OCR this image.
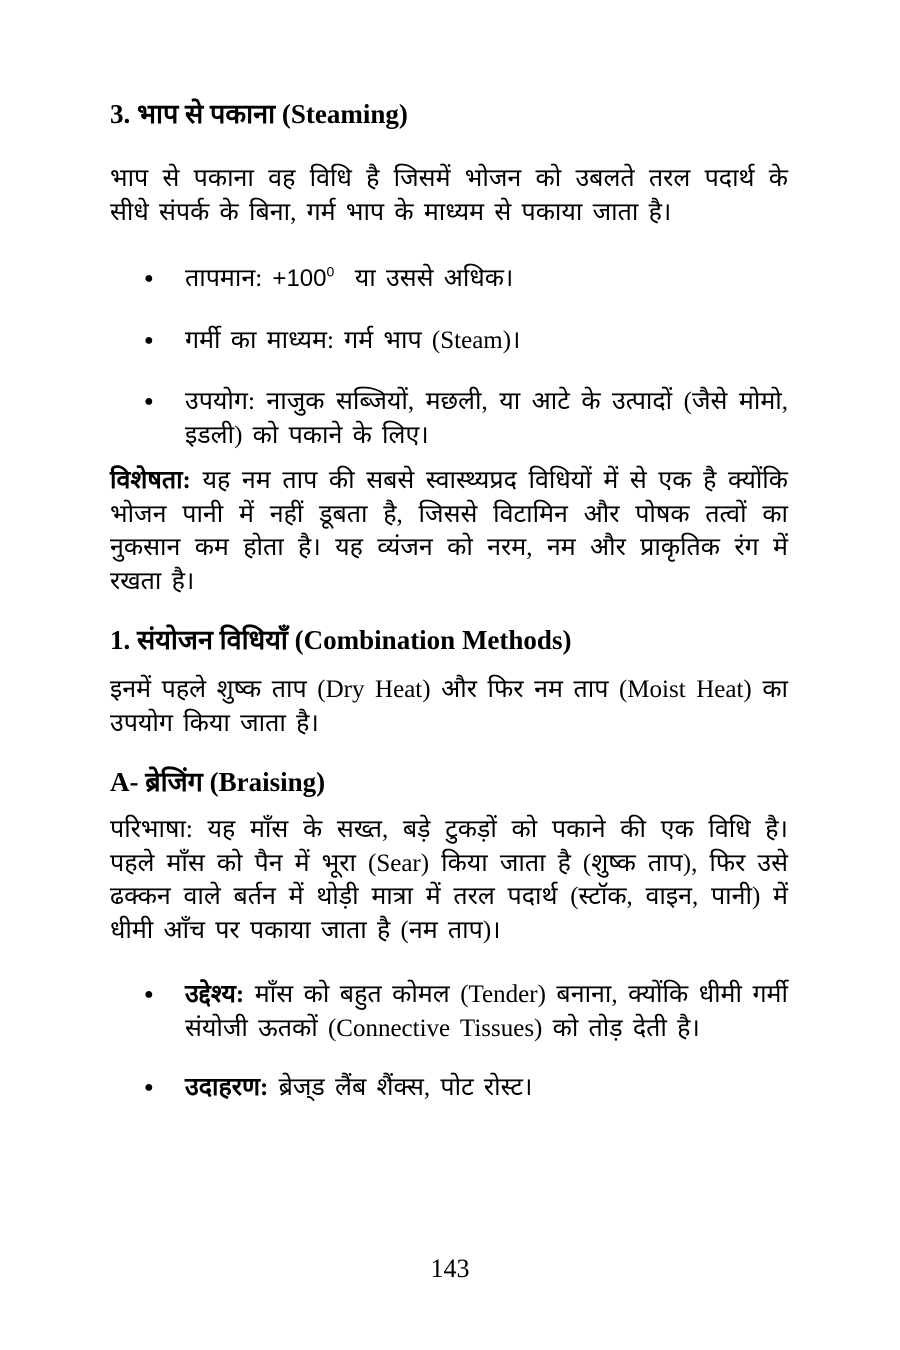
3. भाप से पकाना (Steaming)

भाप से पकाना वह विधि है जिसमें भोजन को उबलते तरल पदार्थ के सीधे संपर्क के बिना, गर्म भाप के माध्यम से पकाया जाता है।

●	तापमान: $+100^0$  या उससे अधिक।
●	गर्मी का माध्यम: गर्म भाप (Steam)।
●	उपयोग: नाजुक सब्जियों, मछली, या आटे के उत्पादों (जैसे मोमो, इडली) को पकाने के लिए।

विशेषता: यह नम ताप की सबसे स्वास्थ्यप्रद विधियों में से एक है क्योंकि भोजन पानी में नहीं डूबता है, जिससे विटामिन और पोषक तत्वों का नुकसान कम होता है। यह व्यंजन को नरम, नम और प्राकृतिक रंग में रखता है।

1. संयोजन विधियाँ (Combination Methods)

इनमें पहले शुष्क ताप (Dry Heat) और फिर नम ताप (Moist Heat) का उपयोग किया जाता है।

A- ब्रेजिंग (Braising)

परिभाषा: यह माँस के सख्त, बड़े टुकड़ों को पकाने की एक विधि है। पहले माँस को पैन में भूरा (Sear) किया जाता है (शुष्क ताप), फिर उसे ढक्कन वाले बर्तन में थोड़ी मात्रा में तरल पदार्थ (स्टॉक, वाइन, पानी) में धीमी आँच पर पकाया जाता है (नम ताप)।

●	उद्देश्य: माँस को बहुत कोमल (Tender) बनाना, क्योंकि धीमी गर्मी संयोजी ऊतकों (Connective Tissues) को तोड़ देती है।
●	उदाहरण: ब्रेज्‌ड लैंब शैंक्स, पोट रोस्ट।
143
